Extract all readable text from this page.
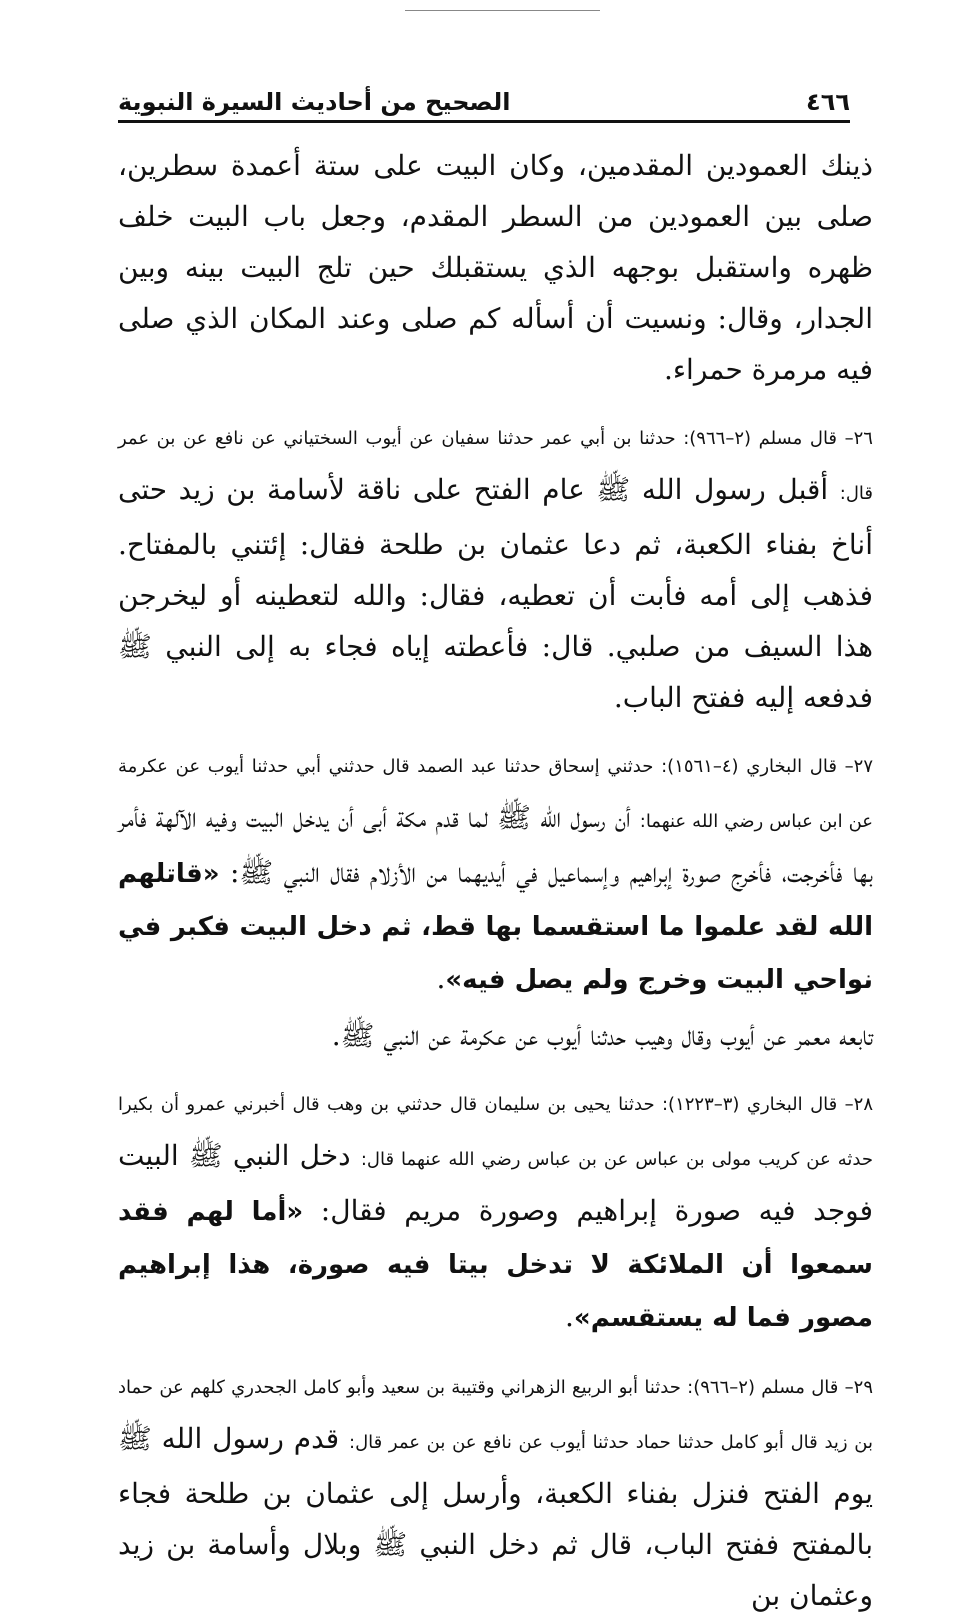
الصحيح من أحاديث السيرة النبوية	٤٦٦

ذينك العمودين المقدمين، وكان البيت على ستة أعمدة سطرين، صلى بين العمودين من السطر المقدم، وجعل باب البيت خلف ظهره واستقبل بوجهه الذي يستقبلك حين تلج البيت بينه وبين الجدار، وقال: ونسيت أن أسأله كم صلى وعند المكان الذي صلى فيه مرمرة حمراء.

٢٦– قال مسلم (٢–٩٦٦): حدثنا بن أبي عمر حدثنا سفيان عن أيوب السختياني عن نافع عن بن عمر قال: أقبل رسول الله ﷺ عام الفتح على ناقة لأسامة بن زيد حتى أناخ بفناء الكعبة، ثم دعا عثمان بن طلحة فقال: إئتني بالمفتاح. فذهب إلى أمه فأبت أن تعطيه، فقال: والله لتعطينه أو ليخرجن هذا السيف من صلبي. قال: فأعطته إياه فجاء به إلى النبي ﷺ فدفعه إليه ففتح الباب.
٢٧– قال البخاري (٤–١٥٦١): حدثني إسحاق حدثنا عبد الصمد قال حدثني أبي حدثنا أيوب عن عكرمة عن ابن عباس رضي الله عنهما: أن رسول الله ﷺ لما قدم مكة أبى أن يدخل البيت وفيه الآلهة فأمر بها فأخرجت، فأخرج صورة إبراهيم وإسماعيل في أيديهما من الأزلام فقال النبي ﷺ: «قاتلهم الله لقد علموا ما استقسما بها قط، ثم دخل البيت فكبر في نواحي البيت وخرج ولم يصل فيه».
تابعه معمر عن أيوب وقال وهيب حدثنا أيوب عن عكرمة عن النبي ﷺ.
٢٨– قال البخاري (٣–١٢٢٣): حدثنا يحيى بن سليمان قال حدثني بن وهب قال أخبرني عمرو أن بكيرا حدثه عن كريب مولى بن عباس عن بن عباس رضي الله عنهما قال: دخل النبي ﷺ البيت فوجد فيه صورة إبراهيم وصورة مريم فقال: «أما لهم فقد سمعوا أن الملائكة لا تدخل بيتا فيه صورة، هذا إبراهيم مصور فما له يستقسم».
٢٩– قال مسلم (٢–٩٦٦): حدثنا أبو الربيع الزهراني وقتيبة بن سعيد وأبو كامل الجحدري كلهم عن حماد بن زيد قال أبو كامل حدثنا حماد حدثنا أيوب عن نافع عن بن عمر قال: قدم رسول الله ﷺ يوم الفتح فنزل بفناء الكعبة، وأرسل إلى عثمان بن طلحة فجاء بالمفتح ففتح الباب، قال ثم دخل النبي ﷺ وبلال وأسامة بن زيد وعثمان بن
